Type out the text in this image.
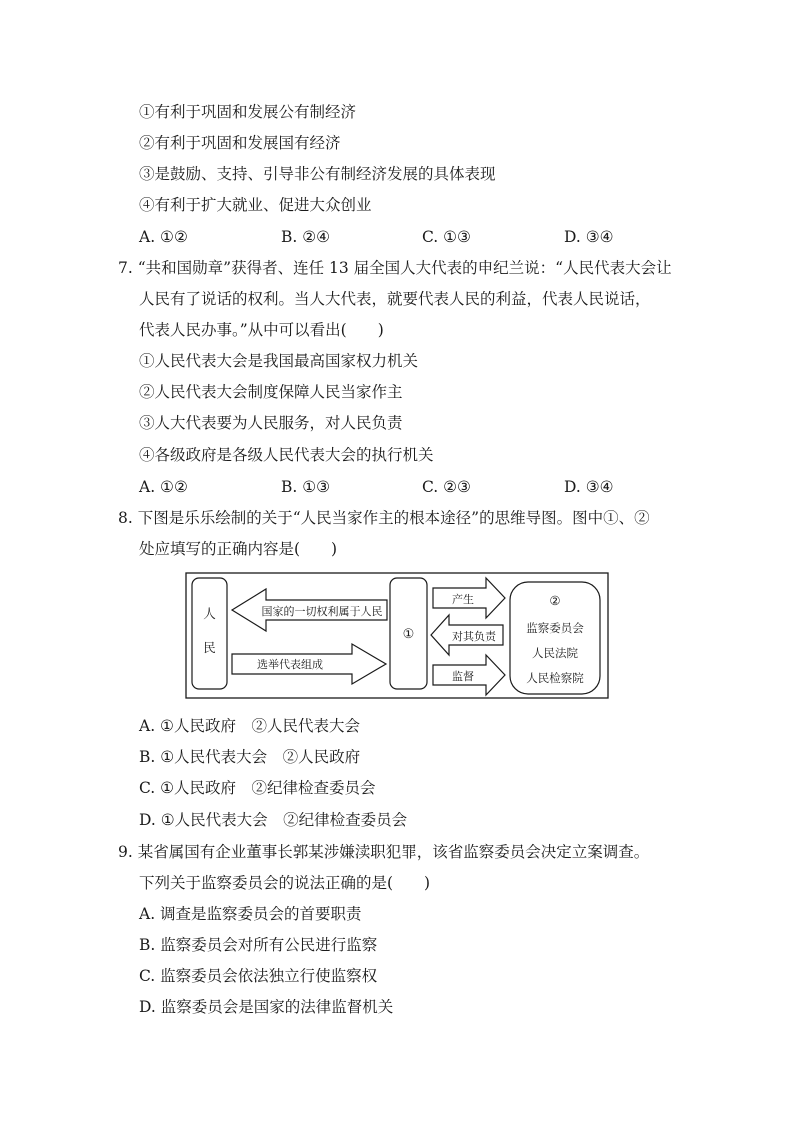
①有利于巩固和发展公有制经济
②有利于巩固和发展国有经济
③是鼓励、支持、引导非公有制经济发展的具体表现
④有利于扩大就业、促进大众创业
A. ①②	B. ②④	C. ①③	D. ③④
7. “共和国勋章”获得者、连任 13 届全国人大代表的申纪兰说：“人民代表大会让
人民有了说话的权利。当人大代表，就要代表人民的利益，代表人民说话，
代表人民办事。”从中可以看出(　　)
①人民代表大会是我国最高国家权力机关
②人民代表大会制度保障人民当家作主
③人大代表要为人民服务，对人民负责
④各级政府是各级人民代表大会的执行机关
A. ①②	B. ①③	C. ②③	D. ③④
8. 下图是乐乐绘制的关于“人民当家作主的根本途径”的思维导图。图中①、②
处应填写的正确内容是(　　)
人
民
国家的一切权利属于人民
选举代表组成
①
产生
对其负责
监督
②
监察委员会
人民法院
人民检察院
A. ①人民政府　②人民代表大会
B. ①人民代表大会　②人民政府
C. ①人民政府　②纪律检查委员会
D. ①人民代表大会　②纪律检查委员会
9. 某省属国有企业董事长郭某涉嫌渎职犯罪，该省监察委员会决定立案调查。
下列关于监察委员会的说法正确的是(　　)
A. 调查是监察委员会的首要职责
B. 监察委员会对所有公民进行监察
C. 监察委员会依法独立行使监察权
D. 监察委员会是国家的法律监督机关
